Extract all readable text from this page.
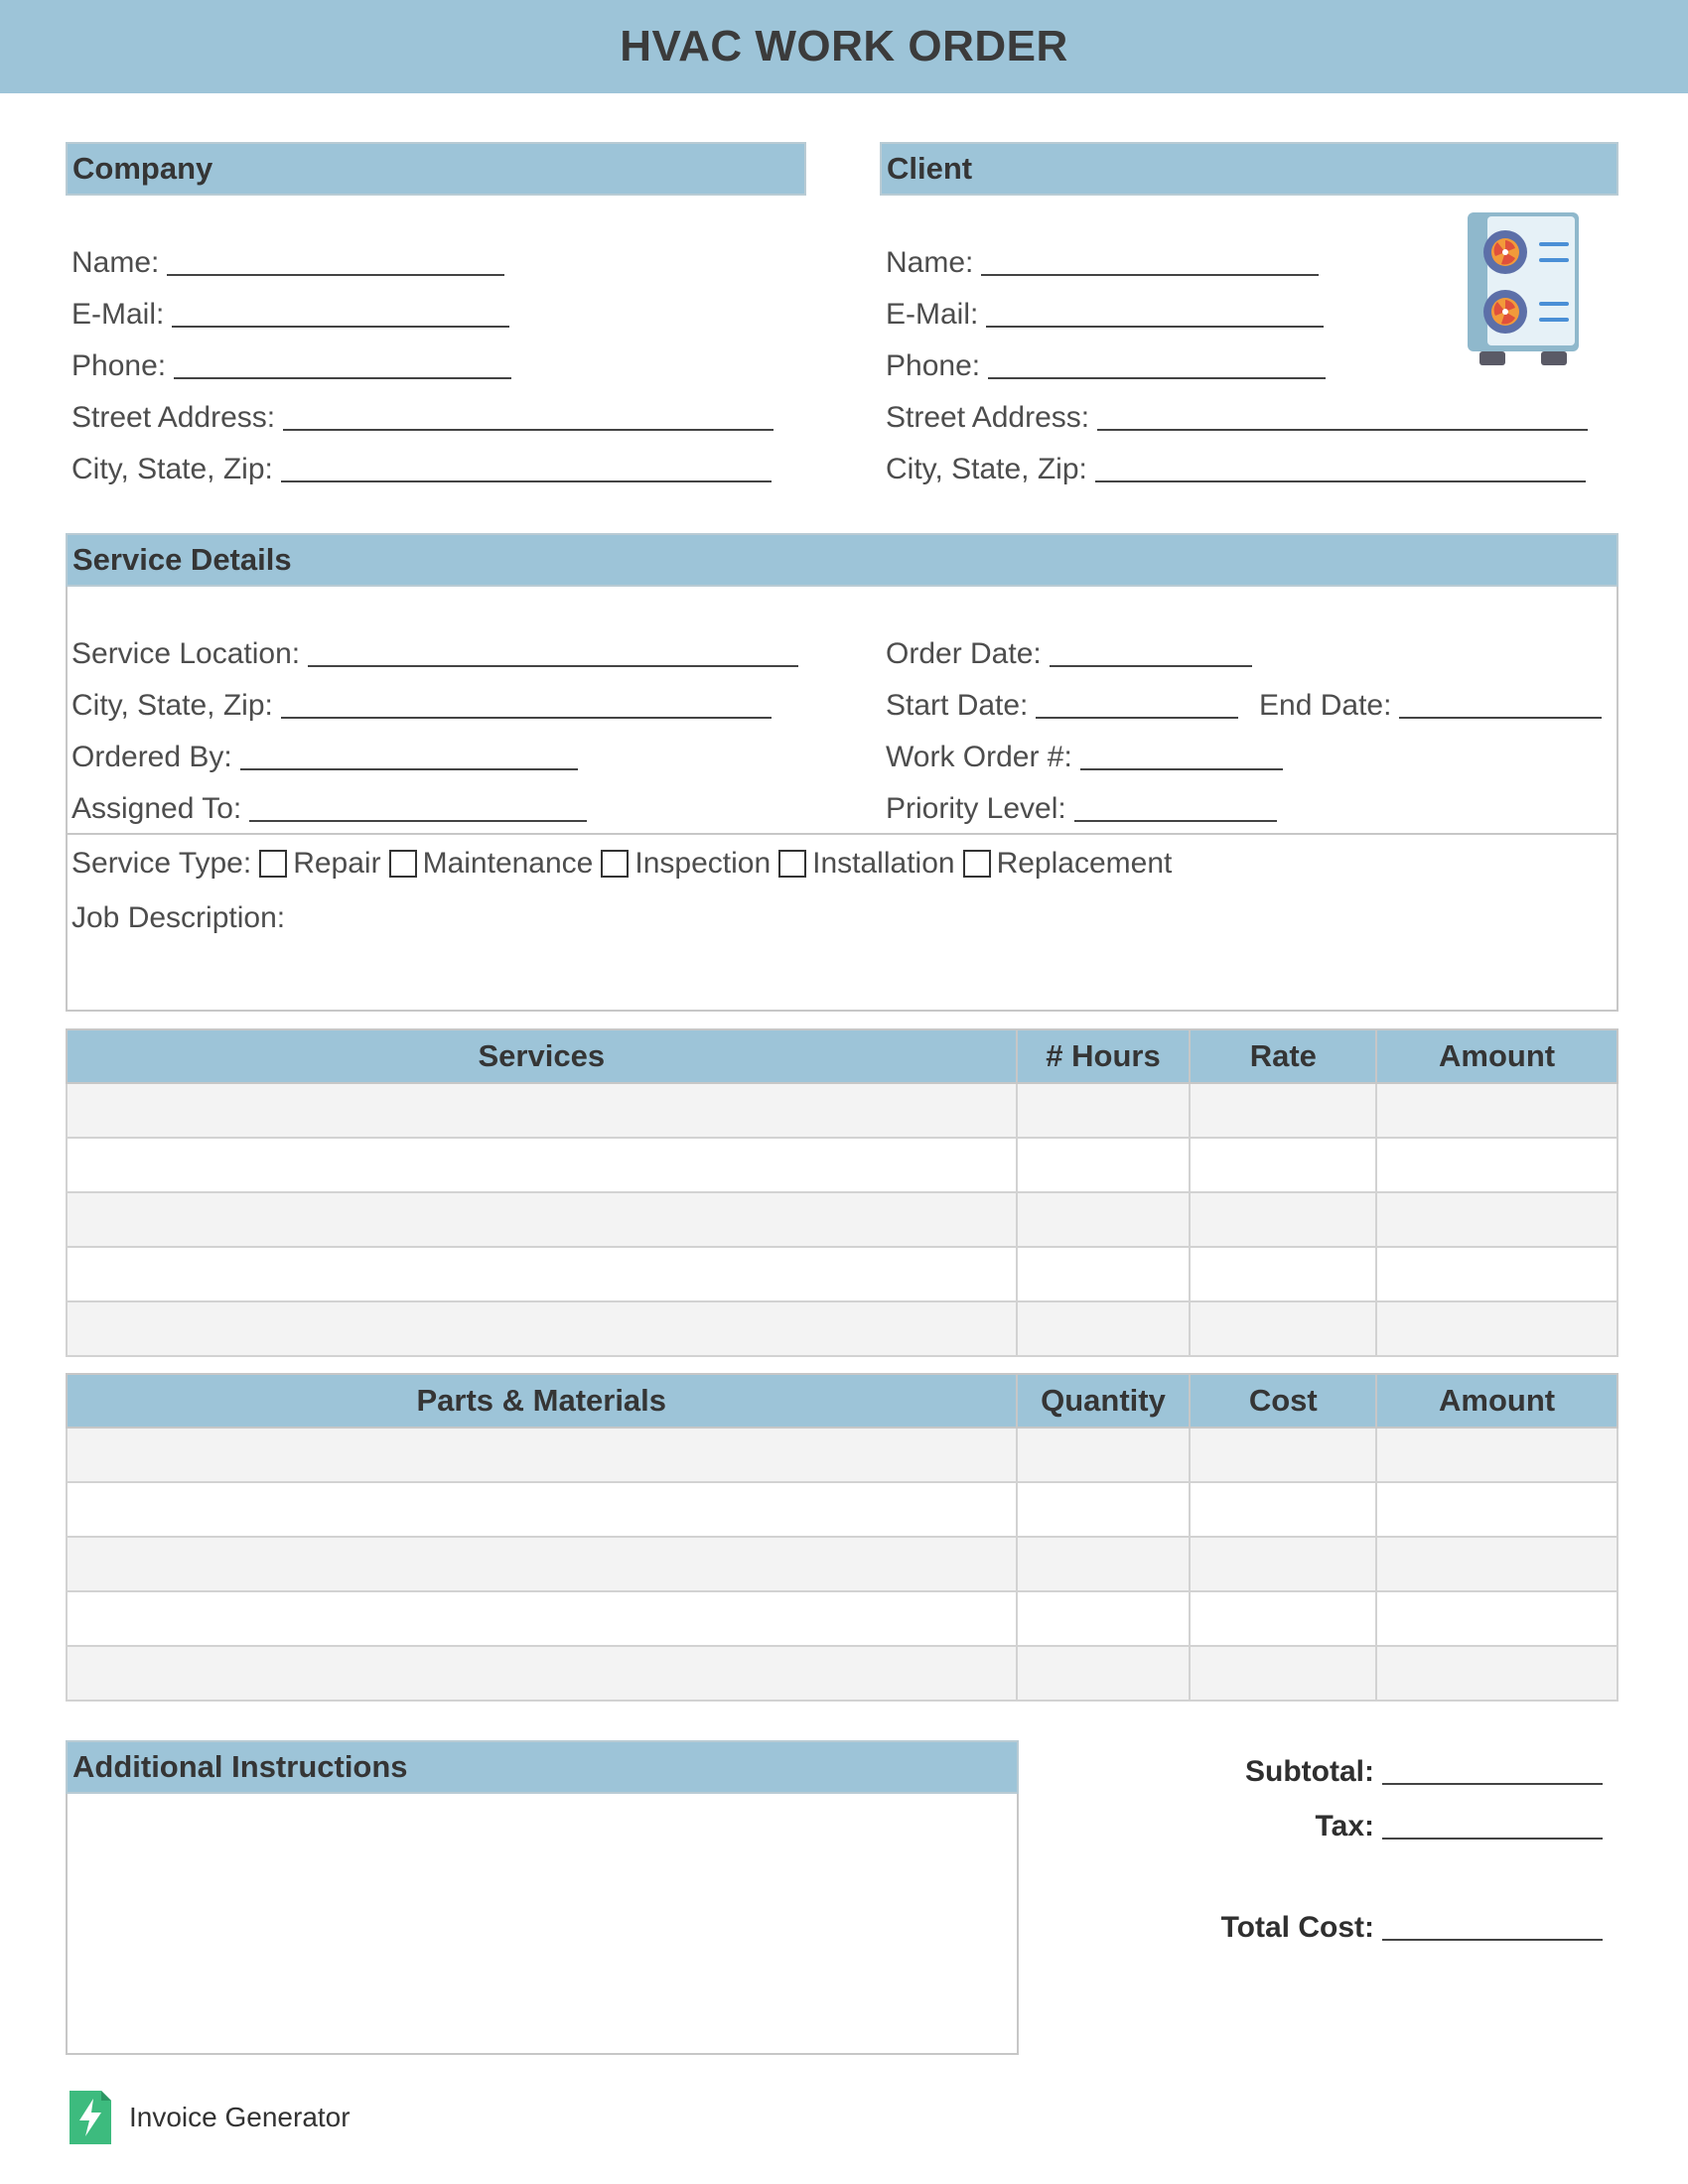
HVAC WORK ORDER
Company
Name:
E-Mail:
Phone:
Street Address:
City, State, Zip:
Client
Name:
E-Mail:
Phone:
Street Address:
City, State, Zip:
Service Details
Service Location:
City, State, Zip:
Ordered By:
Assigned To:
Order Date:
Start Date:	End Date:
Work Order #:
Priority Level:
Service Type: Repair Maintenance Inspection Installation Replacement
Job Description:
Services	# Hours	Rate	Amount

Parts & Materials	Quantity	Cost	Amount

Additional Instructions	Subtotal:
Tax:
Total Cost:
Invoice Generator
